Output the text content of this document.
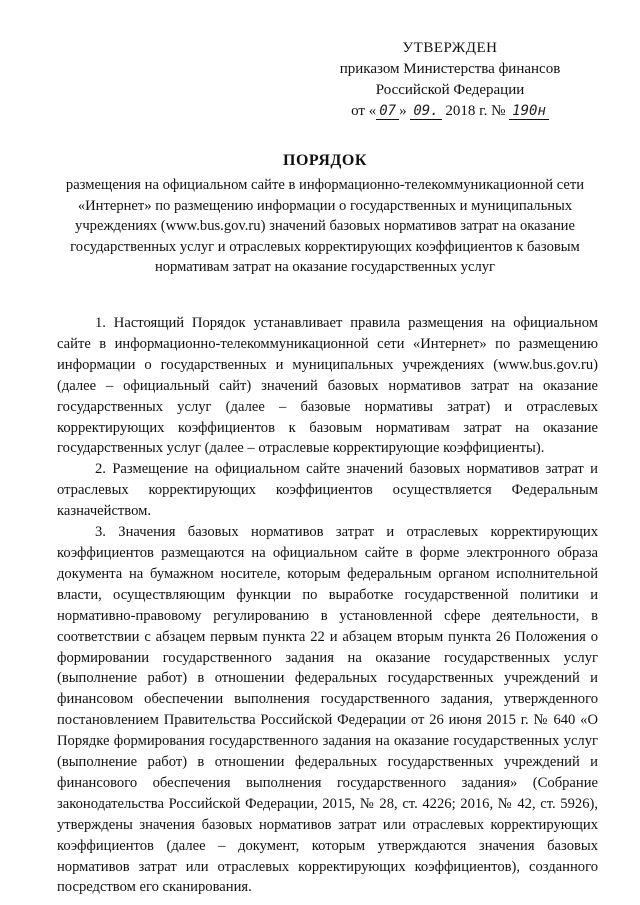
УТВЕРЖДЕН
приказом Министерства финансов
Российской Федерации
от « 07 » 09. 2018 г. № 190н
ПОРЯДОК
размещения на официальном сайте в информационно-телекоммуникационной сети «Интернет» по размещению информации о государственных и муниципальных учреждениях (www.bus.gov.ru) значений базовых нормативов затрат на оказание государственных услуг и отраслевых корректирующих коэффициентов к базовым нормативам затрат на оказание государственных услуг

1. Настоящий Порядок устанавливает правила размещения на официальном сайте в информационно-телекоммуникационной сети «Интернет» по размещению информации о государственных и муниципальных учреждениях (www.bus.gov.ru) (далее – официальный сайт) значений базовых нормативов затрат на оказание государственных услуг (далее – базовые нормативы затрат) и отраслевых корректирующих коэффициентов к базовым нормативам затрат на оказание государственных услуг (далее – отраслевые корректирующие коэффициенты).

2. Размещение на официальном сайте значений базовых нормативов затрат и отраслевых корректирующих коэффициентов осуществляется Федеральным казначейством.

3. Значения базовых нормативов затрат и отраслевых корректирующих коэффициентов размещаются на официальном сайте в форме электронного образа документа на бумажном носителе, которым федеральным органом исполнительной власти, осуществляющим функции по выработке государственной политики и нормативно-правовому регулированию в установленной сфере деятельности, в соответствии с абзацем первым пункта 22 и абзацем вторым пункта 26 Положения о формировании государственного задания на оказание государственных услуг (выполнение работ) в отношении федеральных государственных учреждений и финансовом обеспечении выполнения государственного задания, утвержденного постановлением Правительства Российской Федерации от 26 июня 2015 г. № 640 «О Порядке формирования государственного задания на оказание государственных услуг (выполнение работ) в отношении федеральных государственных учреждений и финансового обеспечения выполнения государственного задания» (Собрание законодательства Российской Федерации, 2015, № 28, ст. 4226; 2016, № 42, ст. 5926), утверждены значения базовых нормативов затрат или отраслевых корректирующих коэффициентов (далее – документ, которым утверждаются значения базовых нормативов затрат или отраслевых корректирующих коэффициентов), созданного посредством его сканирования.
